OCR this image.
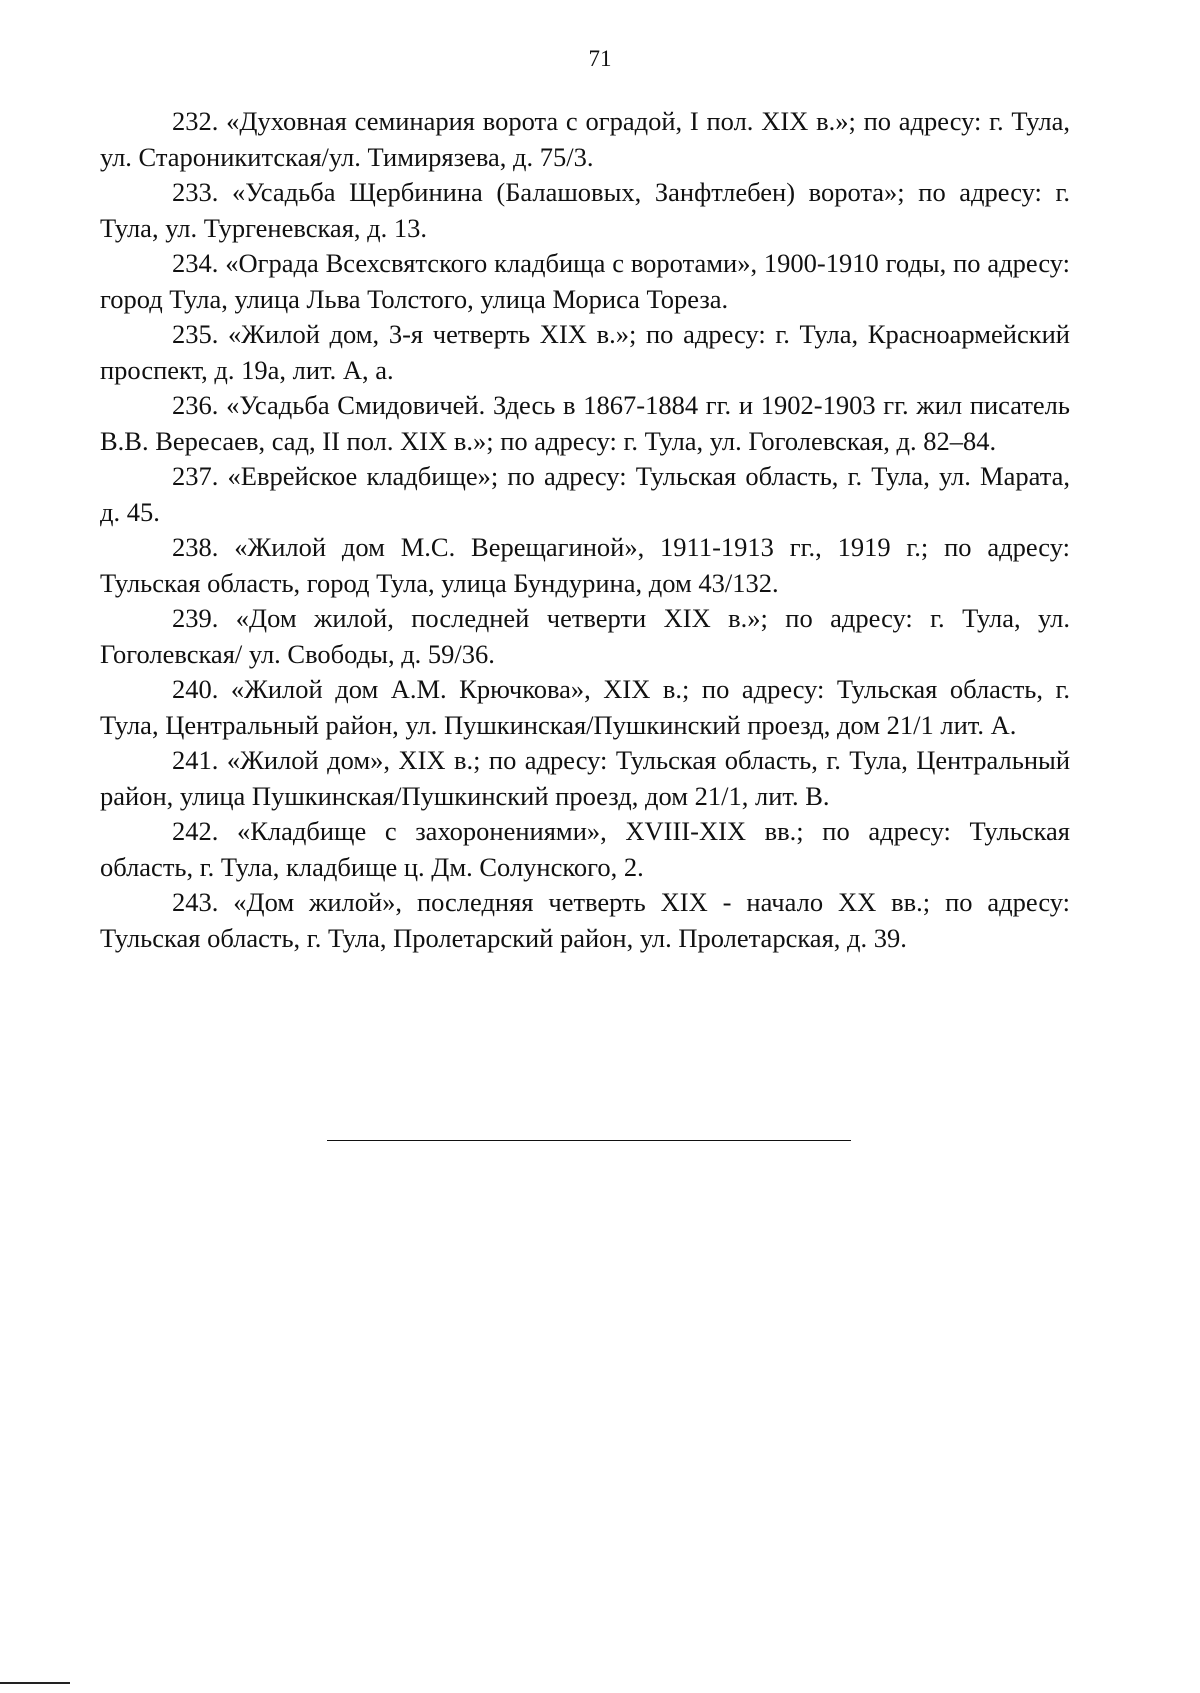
71

232. «Духовная семинария ворота с оградой, I пол. XIX в.»; по адресу: г. Тула, ул. Староникитская/ул. Тимирязева, д. 75/3.

233. «Усадьба Щербинина (Балашовых, Занфтлебен) ворота»; по адресу: г. Тула, ул. Тургеневская, д. 13.

234. «Ограда Всехсвятского кладбища с воротами», 1900-1910 годы, по адресу: город Тула, улица Льва Толстого, улица Мориса Тореза.

235. «Жилой дом, 3-я четверть XIX в.»; по адресу: г. Тула, Красноармейский проспект, д. 19а, лит. А, а.

236. «Усадьба Смидовичей. Здесь в 1867-1884 гг. и 1902-1903 гг. жил писатель В.В. Вересаев, сад, II пол. XIX в.»; по адресу: г. Тула, ул. Гоголевская, д. 82–84.

237. «Еврейское кладбище»; по адресу: Тульская область, г. Тула, ул. Марата, д. 45.

238. «Жилой дом М.С. Верещагиной», 1911-1913 гг., 1919 г.; по адресу: Тульская область, город Тула, улица Бундурина, дом 43/132.

239. «Дом жилой, последней четверти XIX в.»; по адресу: г. Тула, ул. Гоголевская/ ул. Свободы, д. 59/36.

240. «Жилой дом А.М. Крючкова», XIX в.; по адресу: Тульская область, г. Тула, Центральный район, ул. Пушкинская/Пушкинский проезд, дом 21/1 лит. А.

241. «Жилой дом», XIX в.; по адресу: Тульская область, г. Тула, Центральный район, улица Пушкинская/Пушкинский проезд, дом 21/1, лит. В.

242. «Кладбище с захоронениями», XVIII-XIX вв.; по адресу: Тульская область, г. Тула, кладбище ц. Дм. Солунского, 2.

243. «Дом жилой», последняя четверть XIX - начало XX вв.; по адресу: Тульская область, г. Тула, Пролетарский район, ул. Пролетарская, д. 39.
